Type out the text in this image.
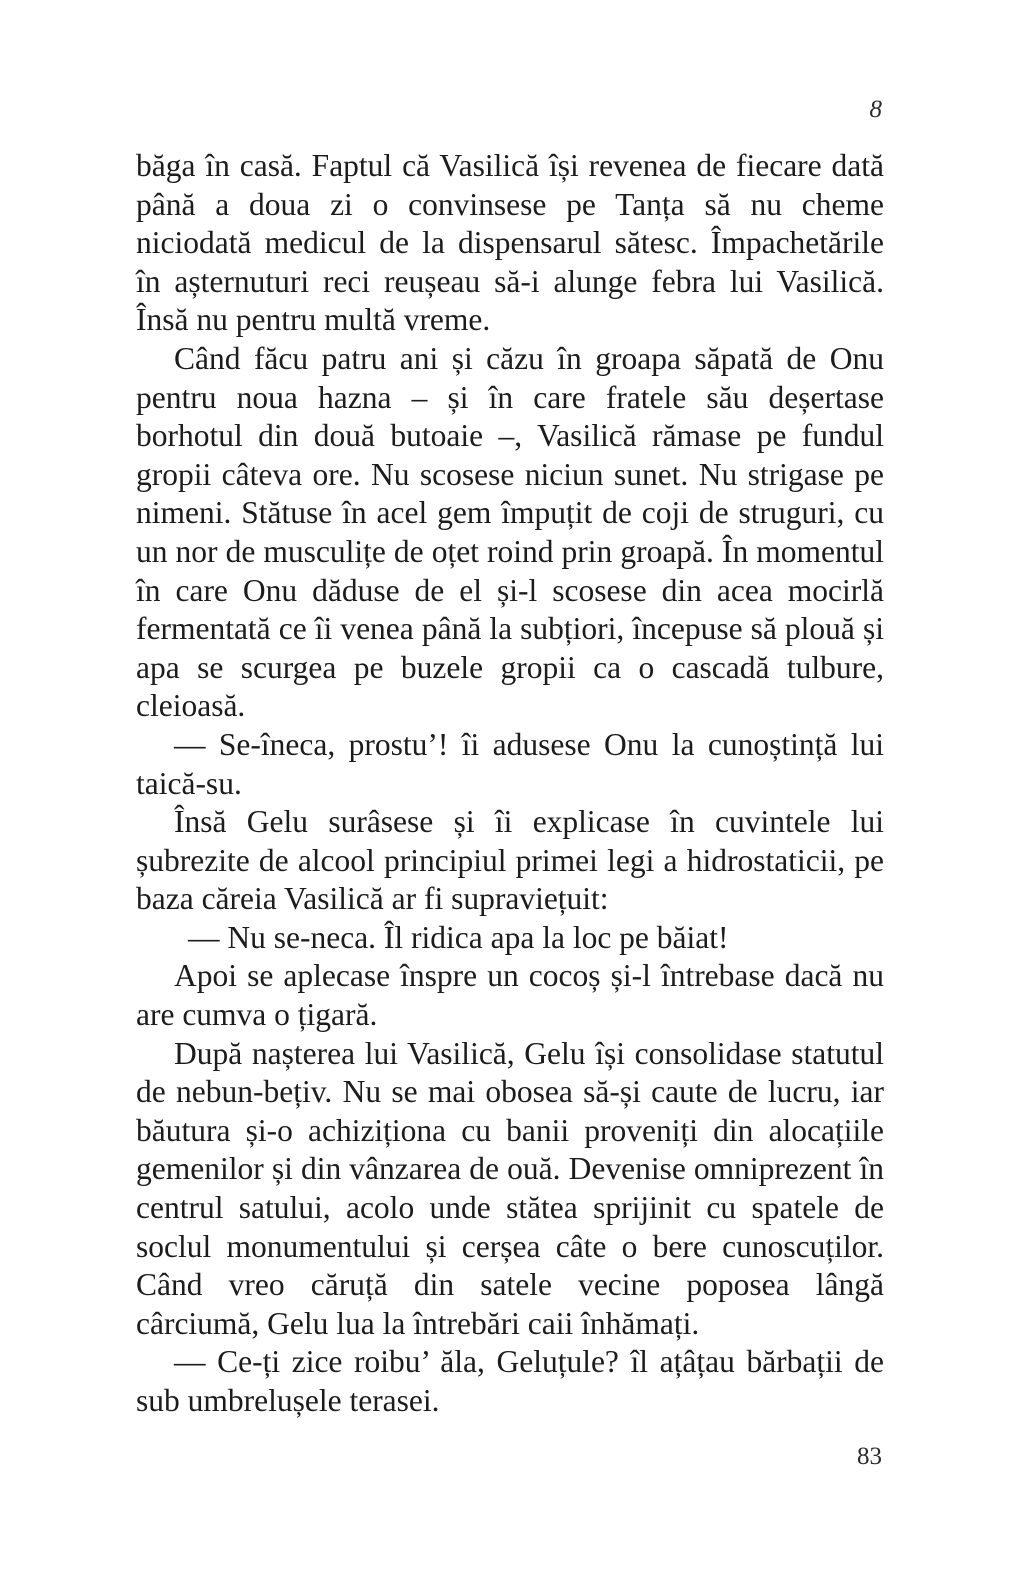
8

băga în casă. Faptul că Vasilică își revenea de fiecare dată până a doua zi o convinsese pe Tanța să nu cheme niciodată medicul de la dispensarul sătesc. Împachetările în așternuturi reci reușeau să-i alunge febra lui Vasilică. Însă nu pentru multă vreme.

Când făcu patru ani și căzu în groapa săpată de Onu pentru noua hazna – și în care fratele său deșertase borhotul din două butoaie –, Vasilică rămase pe fundul gropii câteva ore. Nu scosese niciun sunet. Nu strigase pe nimeni. Stătuse în acel gem împuțit de coji de struguri, cu un nor de musculițe de oțet roind prin groapă. În momentul în care Onu dăduse de el și-l scosese din acea mocirlă fermentată ce îi venea până la subțiori, începuse să plouă și apa se scurgea pe buzele gropii ca o cascadă tulbure, cleioasă.

— Se-îneca, prostu’! îi adusese Onu la cunoștință lui taică-su.

Însă Gelu surâsese și îi explicase în cuvintele lui șubrezite de alcool principiul primei legi a hidrostaticii, pe baza căreia Vasilică ar fi supraviețuit:

— Nu se-neca. Îl ridica apa la loc pe băiat!

Apoi se aplecase înspre un cocoș și-l întrebase dacă nu are cumva o țigară.

După nașterea lui Vasilică, Gelu își consolidase statutul de nebun-bețiv. Nu se mai obosea să-și caute de lucru, iar băutura și-o achiziționa cu banii proveniți din alocațiile gemenilor și din vânzarea de ouă. Devenise omniprezent în centrul satului, acolo unde stătea sprijinit cu spatele de soclul monumentului și cerșea câte o bere cunoscuților. Când vreo căruță din satele vecine poposea lângă cârciumă, Gelu lua la întrebări caii înhămați.

— Ce-ți zice roibu’ ăla, Geluțule? îl ațâțau bărbații de sub umbrelușele terasei.

83
